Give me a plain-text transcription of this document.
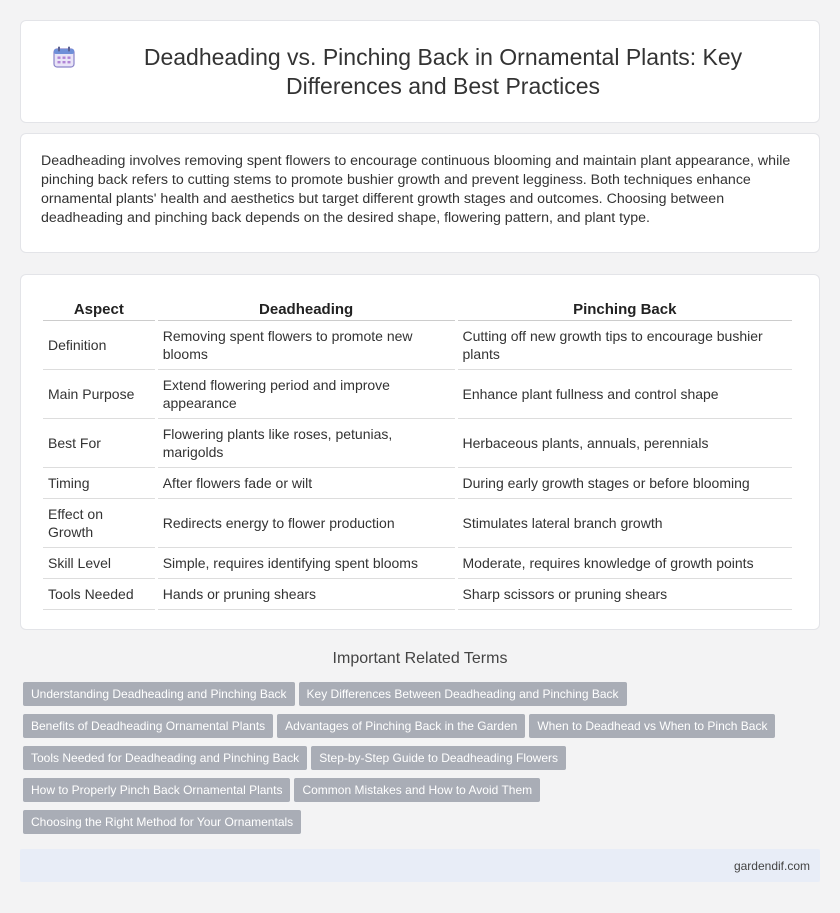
Deadheading vs. Pinching Back in Ornamental Plants: Key Differences and Best Practices

Deadheading involves removing spent flowers to encourage continuous blooming and maintain plant appearance, while pinching back refers to cutting stems to promote bushier growth and prevent legginess. Both techniques enhance ornamental plants' health and aesthetics but target different growth stages and outcomes. Choosing between deadheading and pinching back depends on the desired shape, flowering pattern, and plant type.

Aspect	Deadheading	Pinching Back
Definition	Removing spent flowers to promote new blooms	Cutting off new growth tips to encourage bushier plants
Main Purpose	Extend flowering period and improve appearance	Enhance plant fullness and control shape
Best For	Flowering plants like roses, petunias, marigolds	Herbaceous plants, annuals, perennials
Timing	After flowers fade or wilt	During early growth stages or before blooming
Effect on Growth	Redirects energy to flower production	Stimulates lateral branch growth
Skill Level	Simple, requires identifying spent blooms	Moderate, requires knowledge of growth points
Tools Needed	Hands or pruning shears	Sharp scissors or pruning shears
Important Related Terms
Understanding Deadheading and Pinching Back Key Differences Between Deadheading and Pinching Back
Benefits of Deadheading Ornamental Plants Advantages of Pinching Back in the Garden When to Deadhead vs When to Pinch Back
Tools Needed for Deadheading and Pinching Back Step-by-Step Guide to Deadheading Flowers
How to Properly Pinch Back Ornamental Plants Common Mistakes and How to Avoid Them
Choosing the Right Method for Your Ornamentals
gardendif.com
